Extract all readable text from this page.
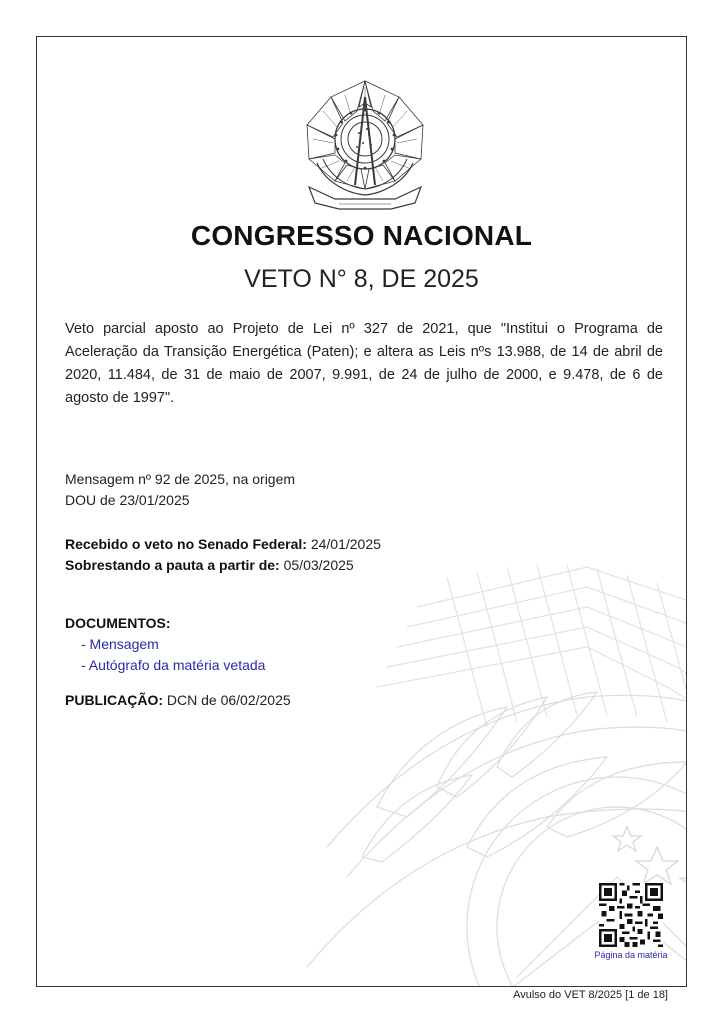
CONGRESSO NACIONAL
VETO N° 8, DE 2025
Veto parcial aposto ao Projeto de Lei nº 327 de 2021, que "Institui o Programa de Aceleração da Transição Energética (Paten); e altera as Leis nºs 13.988, de 14 de abril de 2020, 11.484, de 31 de maio de 2007, 9.991, de 24 de julho de 2000, e 9.478, de 6 de agosto de 1997".
Mensagem nº 92 de 2025, na origem
DOU de 23/01/2025
Recebido o veto no Senado Federal: 24/01/2025
Sobrestando a pauta a partir de: 05/03/2025
DOCUMENTOS:
- Mensagem
- Autógrafo da matéria vetada
PUBLICAÇÃO: DCN de 06/02/2025
Página da matéria
Avulso do VET 8/2025 [1 de 18]
